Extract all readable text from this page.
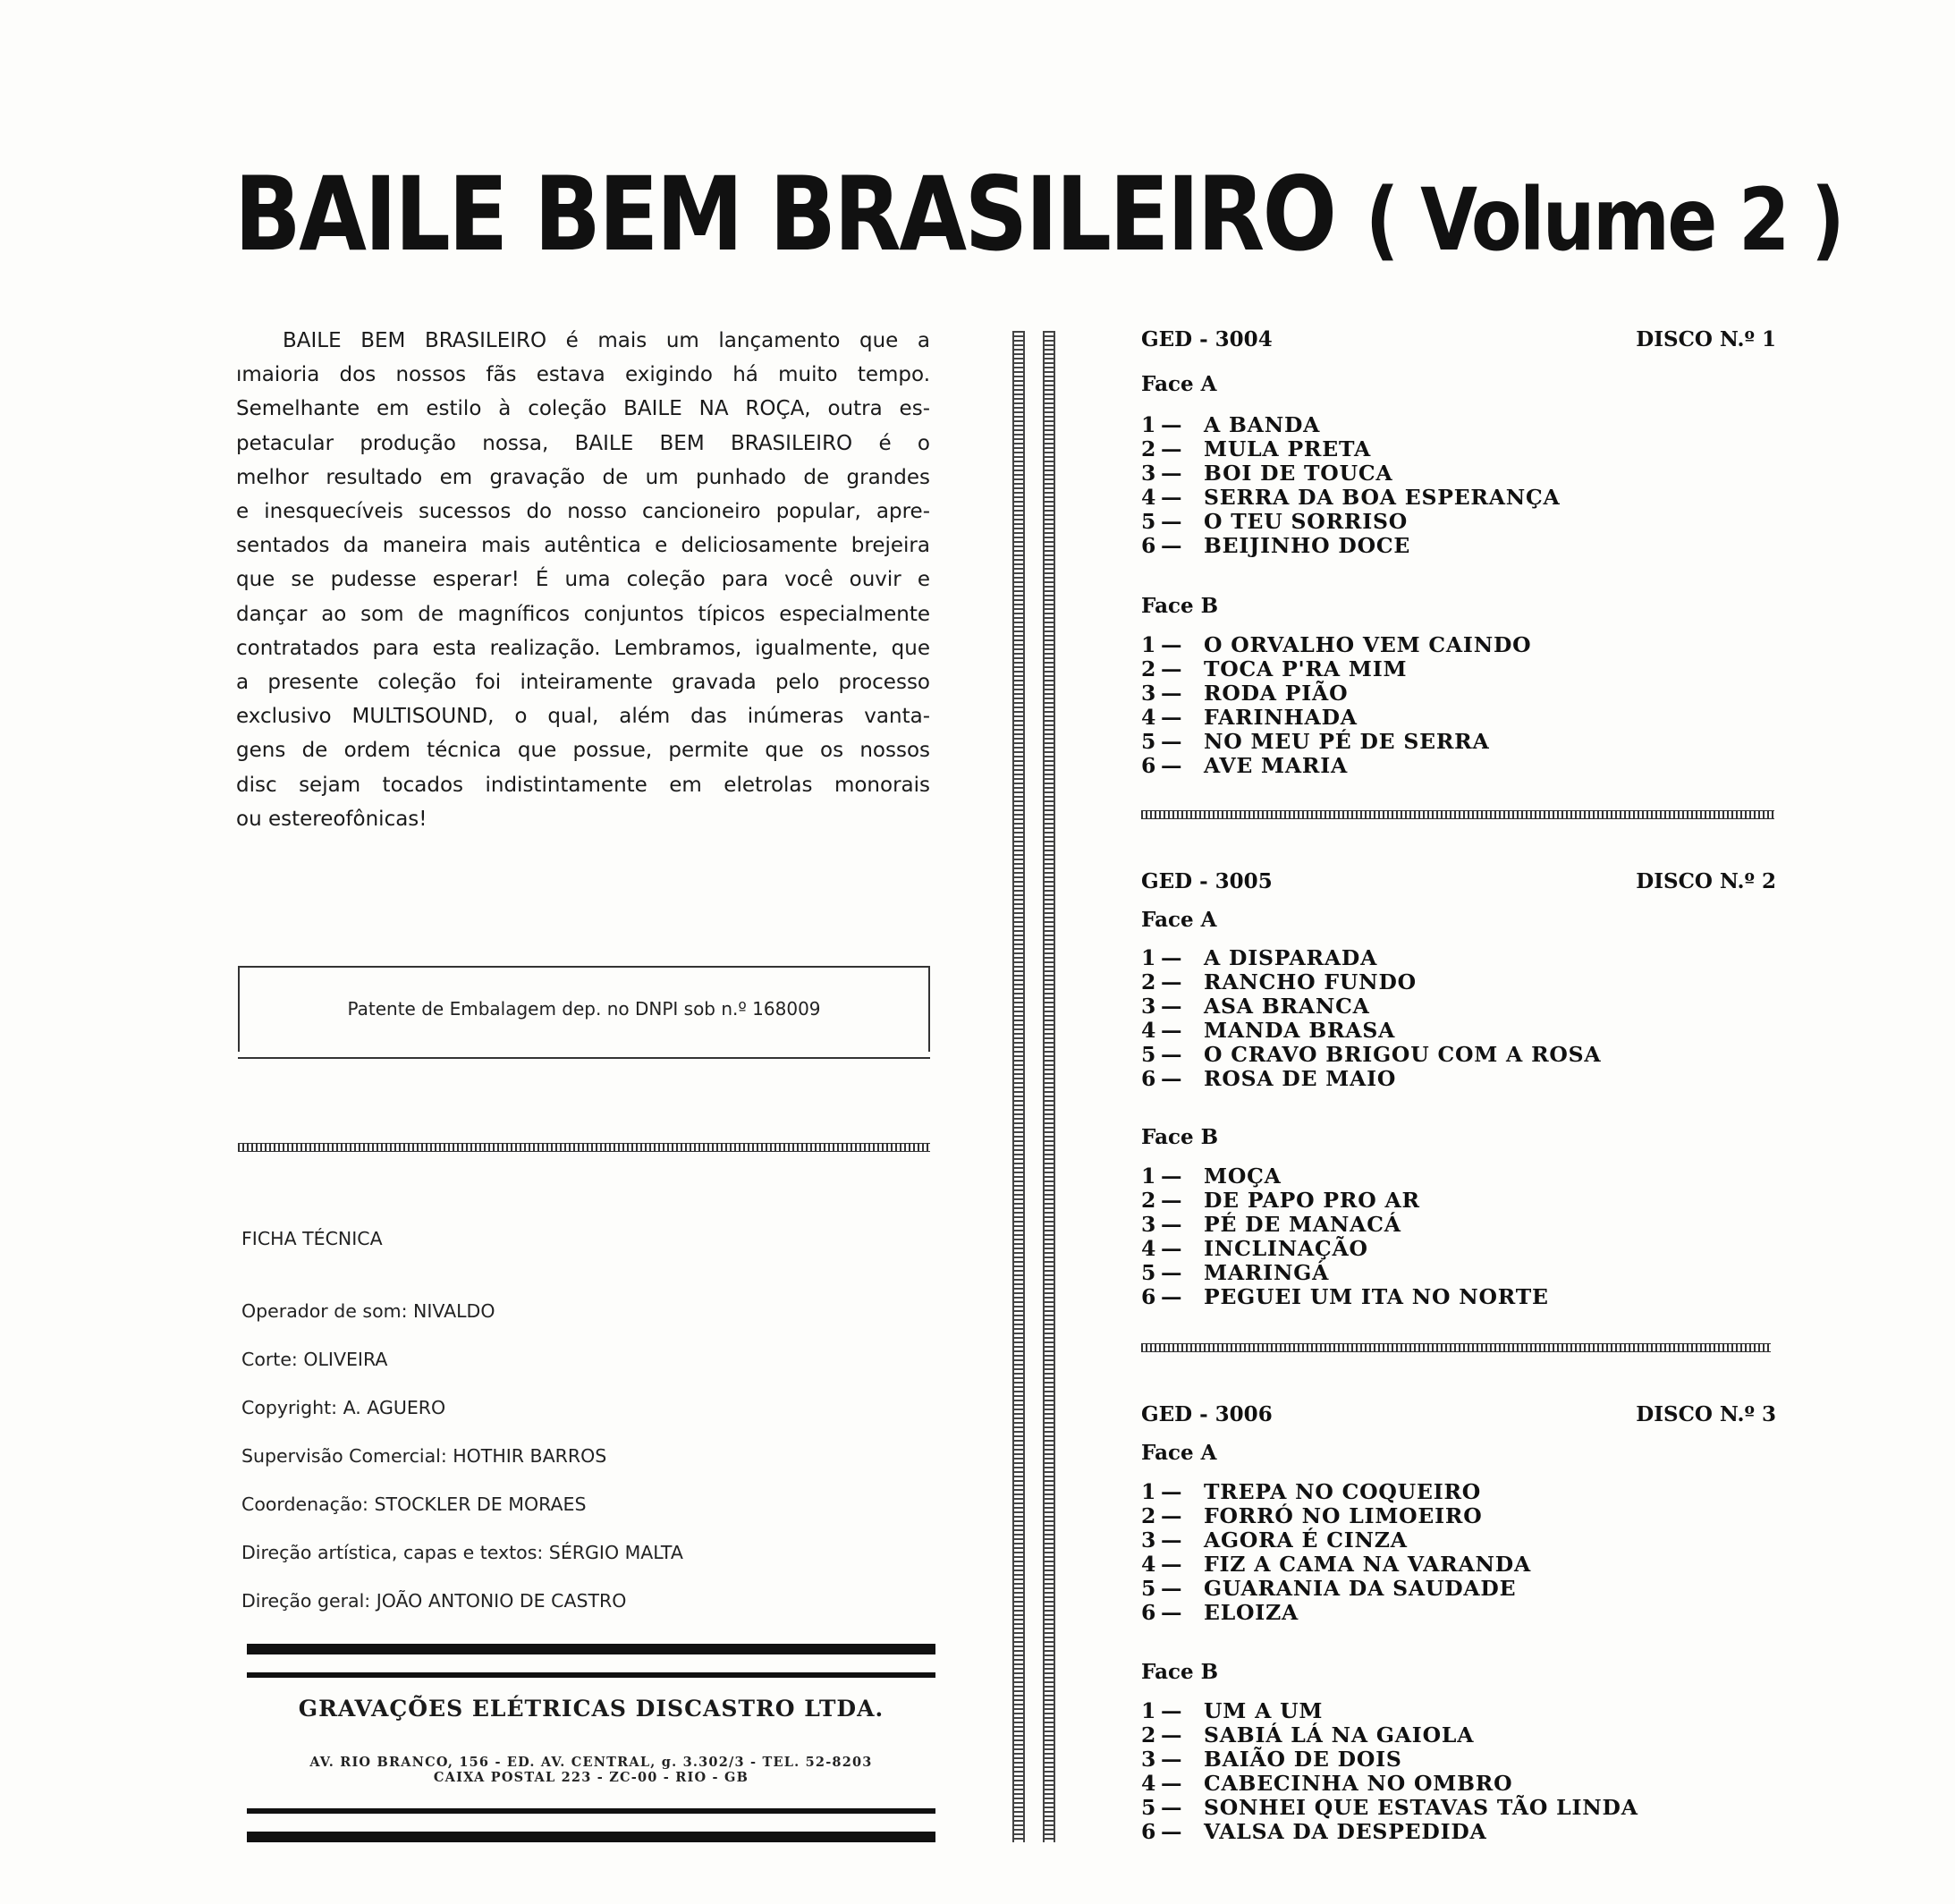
BAILE BEM BRASILEIRO ( Volume 2 )
BAILE BEM BRASILEIRO é mais um lançamento que a
ımaioria dos nossos fãs estava exigindo há muito tempo.
Semelhante em estilo à coleção BAILE NA ROÇA, outra es-
petacular produção nossa, BAILE BEM BRASILEIRO é o
melhor resultado em gravação de um punhado de grandes
e inesquecíveis sucessos do nosso cancioneiro popular, apre-
sentados da maneira mais autêntica e deliciosamente brejeira
que se pudesse esperar! É uma coleção para você ouvir e
dançar ao som de magníficos conjuntos típicos especialmente
contratados para esta realização. Lembramos, igualmente, que
a presente coleção foi inteiramente gravada pelo processo
exclusivo MULTISOUND, o qual, além das inúmeras vanta-
gens de ordem técnica que possue, permite que os nossos
disc sejam tocados indistintamente em eletrolas monorais
ou estereofônicas!
Patente de Embalagem dep. no DNPI sob n.º 168009
FICHA TÉCNICA
Operador de som: NIVALDO
Corte: OLIVEIRA
Copyright: A. AGUERO
Supervisão Comercial: HOTHIR BARROS
Coordenação: STOCKLER DE MORAES
Direção artística, capas e textos: SÉRGIO MALTA
Direção geral: JOÃO ANTONIO DE CASTRO
GRAVAÇÕES ELÉTRICAS DISCASTRO LTDA.
AV. RIO BRANCO, 156 - ED. AV. CENTRAL, g. 3.302/3 - TEL. 52-8203
CAIXA POSTAL 223 - ZC-00 - RIO - GB
GED - 3004	DISCO N.º 1
Face A
1 — A BANDA
2 — MULA PRETA
3 — BOI DE TOUCA
4 — SERRA DA BOA ESPERANÇA
5 — O TEU SORRISO
6 — BEIJINHO DOCE
Face B
1 — O ORVALHO VEM CAINDO
2 — TOCA P'RA MIM
3 — RODA PIÃO
4 — FARINHADA
5 — NO MEU PÉ DE SERRA
6 — AVE MARIA
GED - 3005	DISCO N.º 2
Face A
1 — A DISPARADA
2 — RANCHO FUNDO
3 — ASA BRANCA
4 — MANDA BRASA
5 — O CRAVO BRIGOU COM A ROSA
6 — ROSA DE MAIO
Face B
1 — MOÇA
2 — DE PAPO PRO AR
3 — PÉ DE MANACÁ
4 — INCLINAÇÃO
5 — MARINGÁ
6 — PEGUEI UM ITA NO NORTE
GED - 3006	DISCO N.º 3
Face A
1 — TREPA NO COQUEIRO
2 — FORRÓ NO LIMOEIRO
3 — AGORA É CINZA
4 — FIZ A CAMA NA VARANDA
5 — GUARANIA DA SAUDADE
6 — ELOIZA
Face B
1 — UM A UM
2 — SABIÁ LÁ NA GAIOLA
3 — BAIÃO DE DOIS
4 — CABECINHA NO OMBRO
5 — SONHEI QUE ESTAVAS TÃO LINDA
6 — VALSA DA DESPEDIDA
